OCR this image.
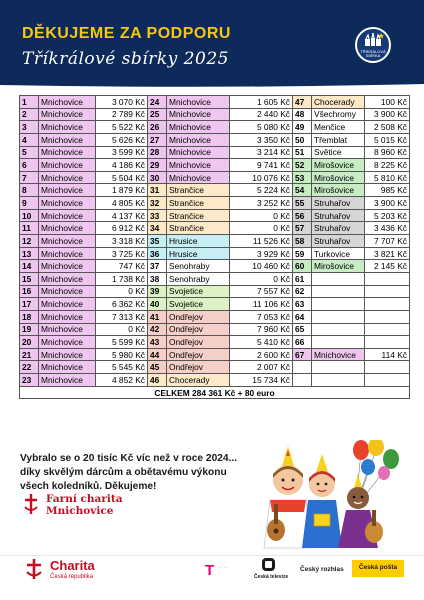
DĚKUJEME ZA PODPORU
Tříkrálové sbírky 2025	TŘÍKRÁLOVÁ SBÍRKA
1	Mnichovice	3 070 Kč	24	Mnichovice	1 605 Kč	47	Chocerady	100 Kč
2	Mnichovice	2 789 Kč	25	Mnichovice	2 440 Kč	48	Všechromy	3 900 Kč
3	Mnichovice	5 522 Kč	26	Mnichovice	5 080 Kč	49	Menčice	2 508 Kč
4	Mnichovice	5 626 Kč	27	Mnichovice	3 350 Kč	50	Třemblat	5 015 Kč
5	Mnichovice	3 599 Kč	28	Mnichovice	3 214 Kč	51	Světice	8 960 Kč
6	Mnichovice	4 186 Kč	29	Mnichovice	9 741 Kč	52	Mirošovice	8 225 Kč
7	Mnichovice	5 504 Kč	30	Mnichovice	10 076 Kč	53	Mirošovice	5 810 Kč
8	Mnichovice	1 879 Kč	31	Strančice	5 224 Kč	54	Mirošovice	985 Kč
9	Mnichovice	4 805 Kč	32	Strančice	3 252 Kč	55	Struhařov	3 900 Kč
10	Mnichovice	4 137 Kč	33	Strančice	0 Kč	56	Struhařov	5 203 Kč
11	Mnichovice	6 912 Kč	34	Strančice	0 Kč	57	Struhařov	3 436 Kč
12	Mnichovice	3 318 Kč	35	Hrusice	11 526 Kč	58	Struhařov	7 707 Kč
13	Mnichovice	3 725 Kč	36	Hrusice	3 929 Kč	59	Turkovice	3 821 Kč
14	Mnichovice	747 Kč	37	Senohraby	10 460 Kč	60	Mirošovice	2 145 Kč
15	Mnichovice	1 738 Kč	38	Senohraby	0 Kč	61		
16	Mnichovice	0 Kč	39	Svojetice	7 557 Kč	62		
17	Mnichovice	6 362 Kč	40	Svojetice	11 106 Kč	63		
18	Mnichovice	7 313 Kč	41	Ondřejov	7 053 Kč	64		
19	Mnichovice	0 Kč	42	Ondřejov	7 960 Kč	65		
20	Mnichovice	5 599 Kč	43	Ondřejov	5 410 Kč	66		
21	Mnichovice	5 980 Kč	44	Ondřejov	2 600 Kč	67	Mnichovice	114 Kč
22	Mnichovice	5 545 Kč	45	Ondřejov	2 007 Kč			
23	Mnichovice	4 852 Kč	46	Chocerady	15 734 Kč			
CELKEM 284 361 Kč + 80 euro								
Vybralo se o 20 tisíc Kč víc než v roce 2024...
díky skvělým dárcům a obětavému výkonu
všech koledníků. Děkujeme!
Farní charita
Mnichovice
Charita
Česká republika	T · ·
Česká televize
Český rozhlas	Česká pošta
